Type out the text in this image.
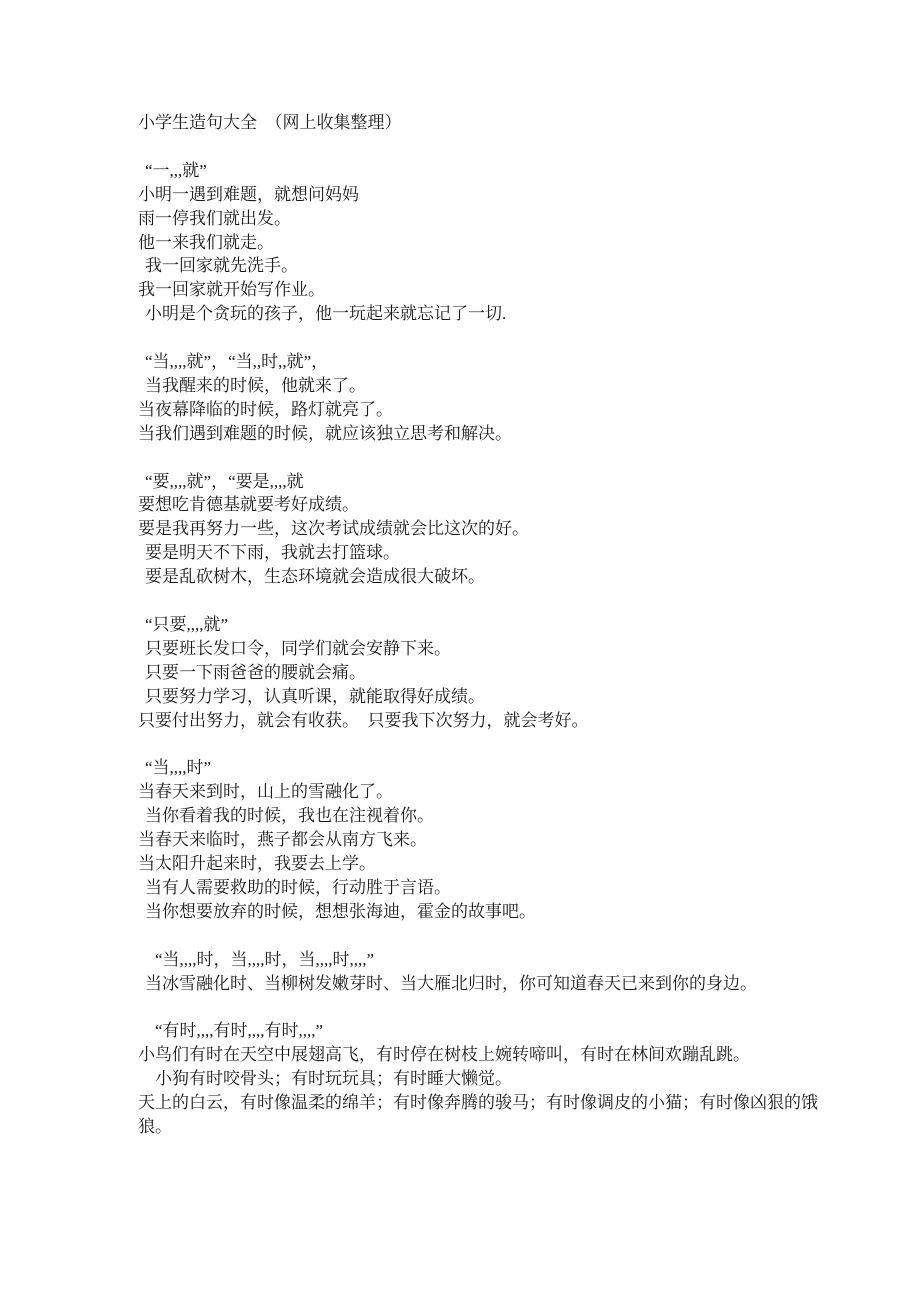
小学生造句大全　（网上收集整理）
“一,,,就”
小明一遇到难题，就想问妈妈
雨一停我们就出发。
他一来我们就走。
我一回家就先洗手。
我一回家就开始写作业。
小明是个贪玩的孩子，他一玩起来就忘记了一切.
“当,,,,就”，“当,,时,,就”，
当我醒来的时候，他就来了。
当夜幕降临的时候，路灯就亮了。
当我们遇到难题的时候，就应该独立思考和解决。
“要,,,,就”，“要是,,,,就
要想吃肯德基就要考好成绩。
要是我再努力一些，这次考试成绩就会比这次的好。
要是明天不下雨，我就去打篮球。
要是乱砍树木，生态环境就会造成很大破坏。
“只要,,,,就”
只要班长发口令，同学们就会安静下来。
只要一下雨爸爸的腰就会痛。
只要努力学习，认真听课，就能取得好成绩。
只要付出努力，就会有收获。　只要我下次努力，就会考好。
“当,,,,时”
当春天来到时，山上的雪融化了。
当你看着我的时候，我也在注视着你。
当春天来临时，燕子都会从南方飞来。
当太阳升起来时，我要去上学。
当有人需要救助的时候，行动胜于言语。
当你想要放弃的时候，想想张海迪，霍金的故事吧。
“当,,,,时，当,,,,时，当,,,,时,,,,”
当冰雪融化时、当柳树发嫩芽时、当大雁北归时，你可知道春天已来到你的身边。
“有时,,,,有时,,,,有时,,,,”
小鸟们有时在天空中展翅高飞，有时停在树枝上婉转啼叫，有时在林间欢蹦乱跳。
小狗有时咬骨头；有时玩玩具；有时睡大懒觉。
天上的白云，有时像温柔的绵羊；有时像奔腾的骏马；有时像调皮的小猫；有时像凶狠的饿狼。
